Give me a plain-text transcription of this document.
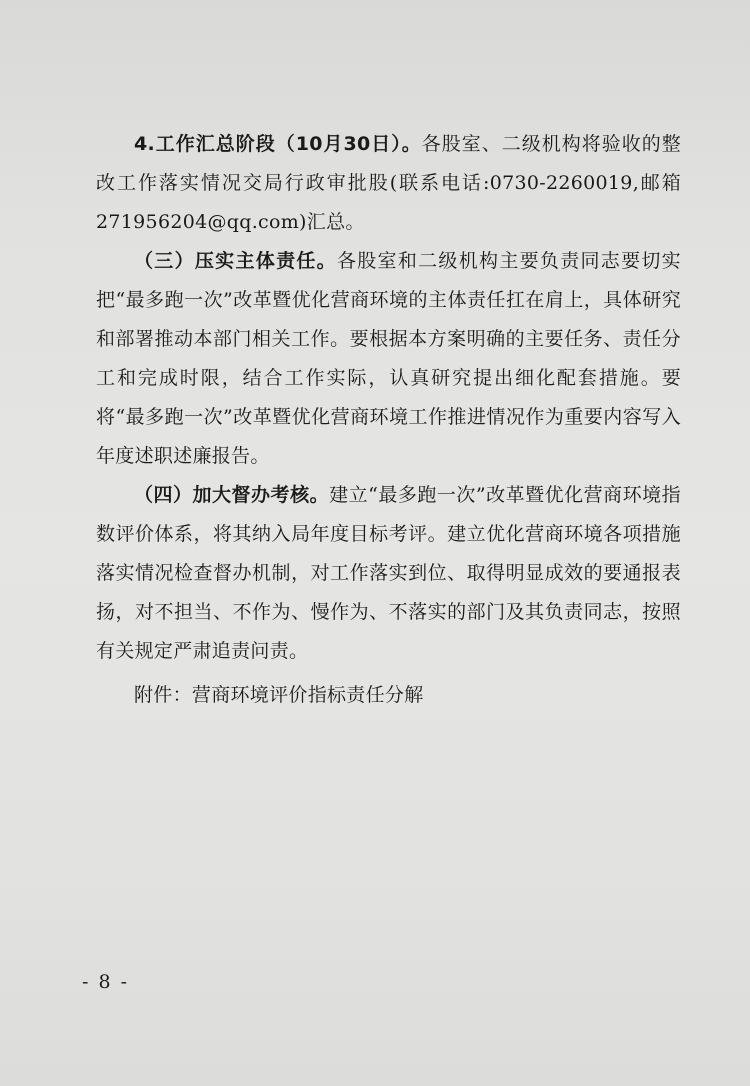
4.工作汇总阶段（10月30日）。各股室、二级机构将验收的整改工作落实情况交局行政审批股(联系电话:0730-2260019,邮箱271956204@qq.com)汇总。

（三）压实主体责任。各股室和二级机构主要负责同志要切实把“最多跑一次”改革暨优化营商环境的主体责任扛在肩上，具体研究和部署推动本部门相关工作。要根据本方案明确的主要任务、责任分工和完成时限，结合工作实际，认真研究提出细化配套措施。要将“最多跑一次”改革暨优化营商环境工作推进情况作为重要内容写入年度述职述廉报告。

（四）加大督办考核。建立“最多跑一次”改革暨优化营商环境指数评价体系，将其纳入局年度目标考评。建立优化营商环境各项措施落实情况检查督办机制，对工作落实到位、取得明显成效的要通报表扬，对不担当、不作为、慢作为、不落实的部门及其负责同志，按照有关规定严肃追责问责。

附件：营商环境评价指标责任分解
- 8 -
